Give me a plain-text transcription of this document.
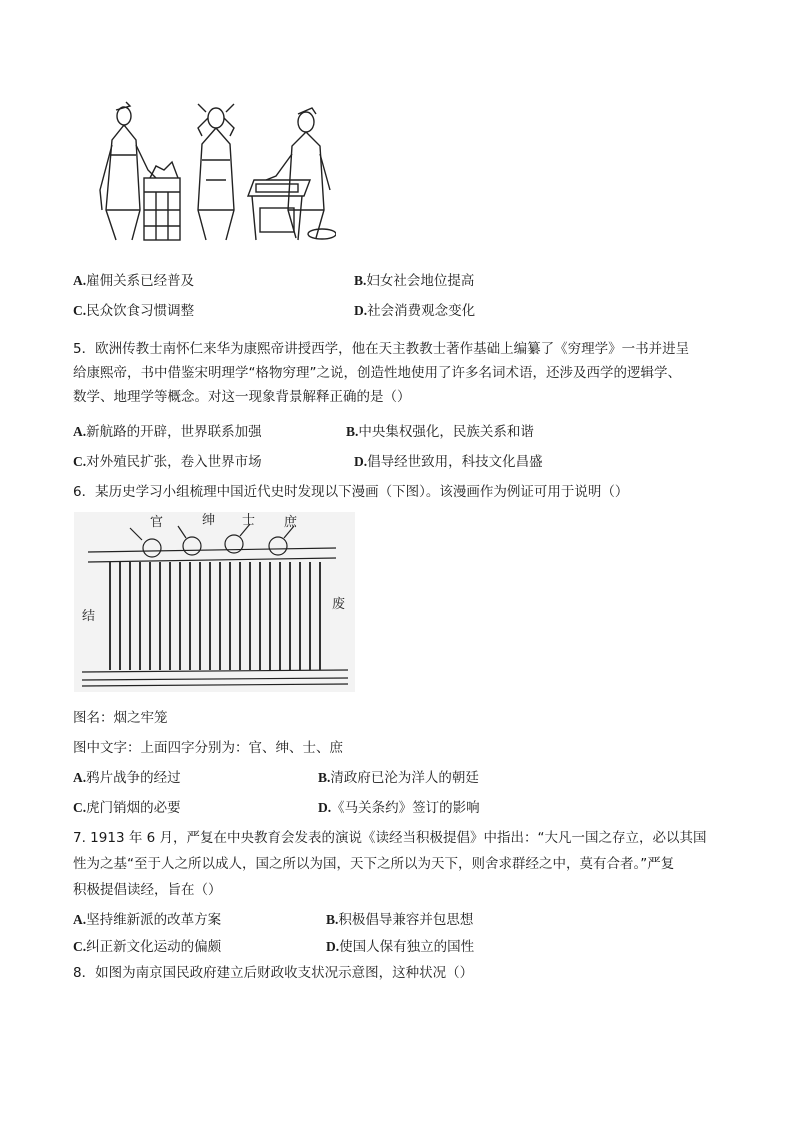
A.雇佣关系已经普及	B.妇女社会地位提高
C.民众饮食习惯调整	D.社会消费观念变化
5．欧洲传教士南怀仁来华为康熙帝讲授西学，他在天主教教士著作基础上编纂了《穷理学》一书并进呈
给康熙帝，书中借鉴宋明理学“格物穷理”之说，创造性地使用了许多名词术语，还涉及西学的逻辑学、
数学、地理学等概念。对这一现象背景解释正确的是（）
A.新航路的开辟，世界联系加强	B.中央集权强化，民族关系和谐
C.对外殖民扩张，卷入世界市场	D.倡导经世致用，科技文化昌盛
6．某历史学习小组梳理中国近代史时发现以下漫画（下图）。该漫画作为例证可用于说明（）
官	绅 士 庶
结
废
图名：烟之牢笼
图中文字：上面四字分别为：官、绅、士、庶
A.鸦片战争的经过	B.清政府已沦为洋人的朝廷
C.虎门销烟的必要	D.《马关条约》签订的影响
7. 1913 年 6 月，严复在中央教育会发表的演说《读经当积极提倡》中指出：“大凡一国之存立，必以其国
性为之基“至于人之所以成人，国之所以为国，天下之所以为天下，则舍求群经之中，莫有合者。”严复
积极提倡读经，旨在（）
A.坚持维新派的改革方案	B.积极倡导兼容并包思想
C.纠正新文化运动的偏颇	D.使国人保有独立的国性
8．如图为南京国民政府建立后财政收支状况示意图，这种状况（）
